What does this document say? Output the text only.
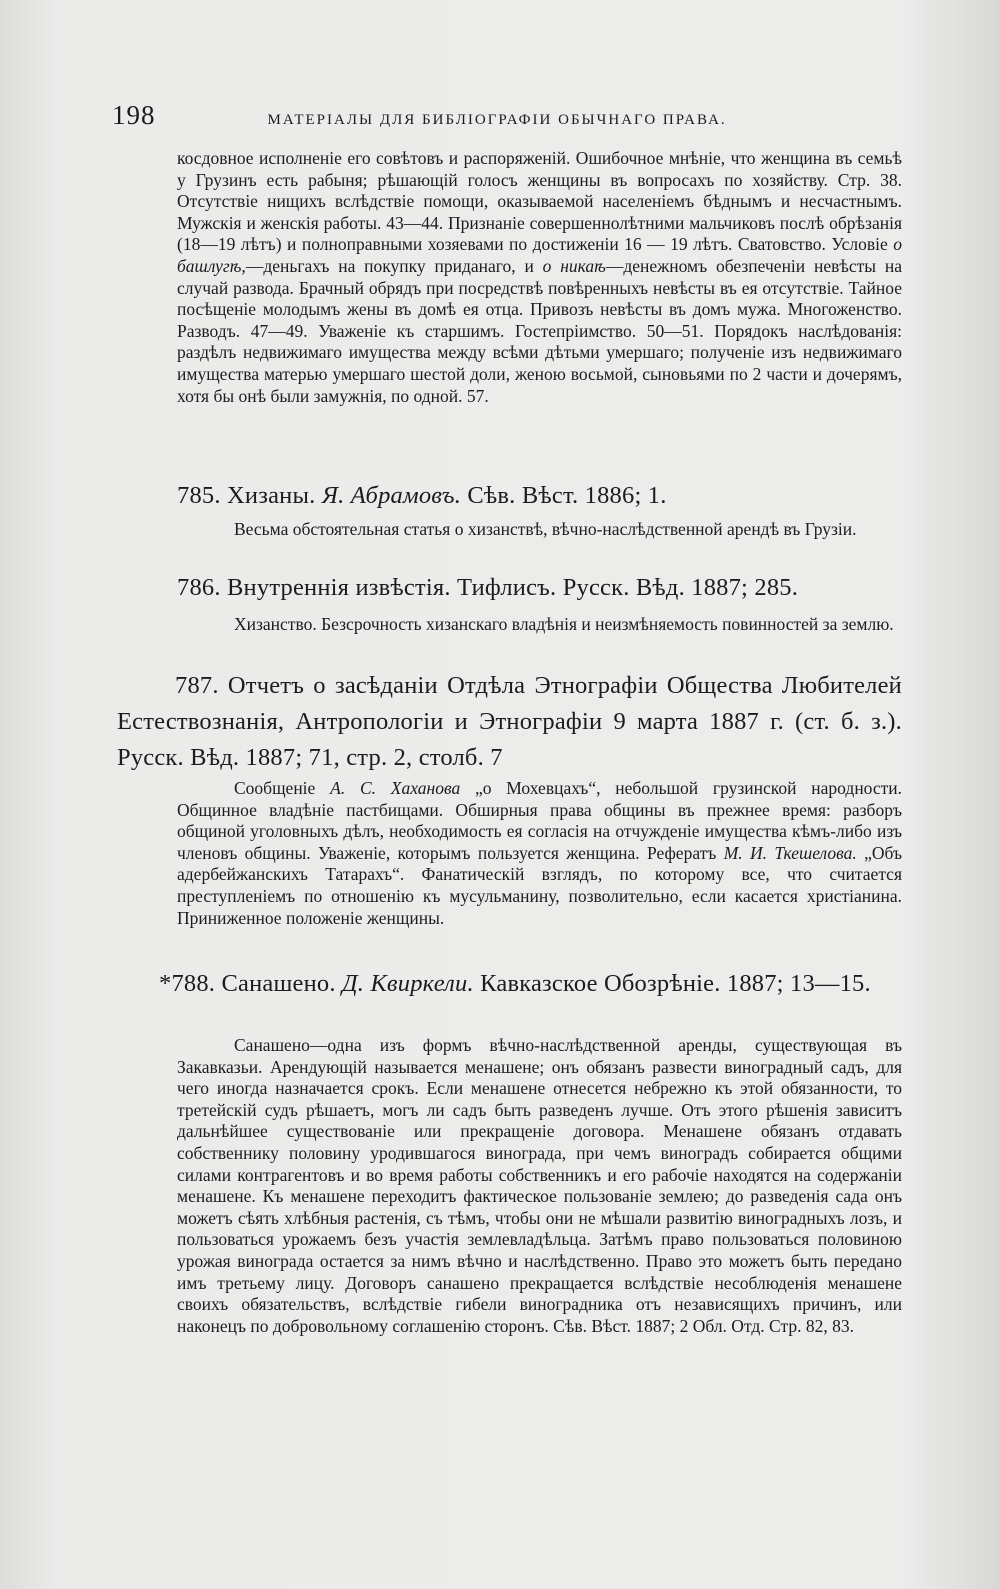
198	МАТЕРІАЛЫ ДЛЯ БИБЛІОГРАФІИ ОБЫЧНАГО ПРАВА.
косдовное исполненіе его совѣтовъ и распоряженій. Ошибочное мнѣніе, что женщина въ семьѣ у Грузинъ есть рабыня; рѣшающій голосъ женщины въ вопросахъ по хозяйству. Стр. 38. Отсутствіе нищихъ вслѣдствіе помощи, оказываемой населеніемъ бѣднымъ и несчастнымъ. Мужскія и женскія работы. 43—44. Признаніе совершеннолѣтними мальчиковъ послѣ обрѣзанія (18—19 лѣтъ) и полноправными хозяевами по достиженіи 16 — 19 лѣтъ. Сватовство. Условіе о башлугѣ,—деньгахъ на покупку приданаго, и о никаѣ—денежномъ обезпеченіи невѣсты на случай развода. Брачный обрядъ при посредствѣ повѣренныхъ невѣсты въ ея отсутствіе. Тайное посѣщеніе молодымъ жены въ домѣ ея отца. Привозъ невѣсты въ домъ мужа. Многоженство. Разводъ. 47—49. Уваженіе къ старшимъ. Гостепріимство. 50—51. Порядокъ наслѣдованія: раздѣлъ недвижимаго имущества между всѣми дѣтьми умершаго; полученіе изъ недвижимаго имущества матерью умершаго шестой доли, женою восьмой, сыновьями по 2 части и дочерямъ, хотя бы онѣ были замужнія, по одной. 57.
785. Хизаны. Я. Абрамовъ. Сѣв. Вѣст. 1886; 1.
Весьма обстоятельная статья о хизанствѣ, вѣчно-наслѣдственной арендѣ въ Грузіи.
786. Внутреннія извѣстія. Тифлисъ. Русск. Вѣд. 1887; 285.
Хизанство. Безсрочность хизанскаго владѣнія и неизмѣняемость повинностей за землю.
787. Отчетъ о засѣданіи Отдѣла Этнографіи Общества Любителей Естествознанія, Антропологіи и Этнографіи 9 марта 1887 г. (ст. б. з.). Русск. Вѣд. 1887; 71, стр. 2, столб. 7
Сообщеніе А. С. Хаханова „о Мохевцахъ“, небольшой грузинской народности. Общинное владѣніе пастбищами. Обширныя права общины въ прежнее время: разборъ общиной уголовныхъ дѣлъ, необходимость ея согласія на отчужденіе имущества кѣмъ-либо изъ членовъ общины. Уваженіе, которымъ пользуется женщина. Рефератъ М. И. Ткешелова. „Объ адербейжанскихъ Татарахъ“. Фанатическій взглядъ, по которому все, что считается преступленіемъ по отношенію къ мусульманину, позволительно, если касается христіанина. Приниженное положеніе женщины.
*788. Санашено. Д. Квиркели. Кавказское Обозрѣніе. 1887; 13—15.
Санашено—одна изъ формъ вѣчно-наслѣдственной аренды, существующая въ Закавказьи. Арендующій называется менашене; онъ обязанъ развести виноградный садъ, для чего иногда назначается срокъ. Если менашене отнесется небрежно къ этой обязанности, то третейскій судъ рѣшаетъ, могъ ли садъ быть разведенъ лучше. Отъ этого рѣшенія зависитъ дальнѣйшее существованіе или прекращеніе договора. Менашене обязанъ отдавать собственнику половину уродившагося винограда, при чемъ виноградъ собирается общими силами контрагентовъ и во время работы собственникъ и его рабочіе находятся на содержаніи менашене. Къ менашене переходитъ фактическое пользованіе землею; до разведенія сада онъ можетъ сѣять хлѣбныя растенія, съ тѣмъ, чтобы они не мѣшали развитію виноградныхъ лозъ, и пользоваться урожаемъ безъ участія землевладѣльца. Затѣмъ право пользоваться половиною урожая винограда остается за нимъ вѣчно и наслѣдственно. Право это можетъ быть передано имъ третьему лицу. Договоръ санашено прекращается вслѣдствіе несоблюденія менашене своихъ обязательствъ, вслѣдствіе гибели виноградника отъ независящихъ причинъ, или наконецъ по добровольному соглашенію сторонъ. Сѣв. Вѣст. 1887; 2 Обл. Отд. Стр. 82, 83.
